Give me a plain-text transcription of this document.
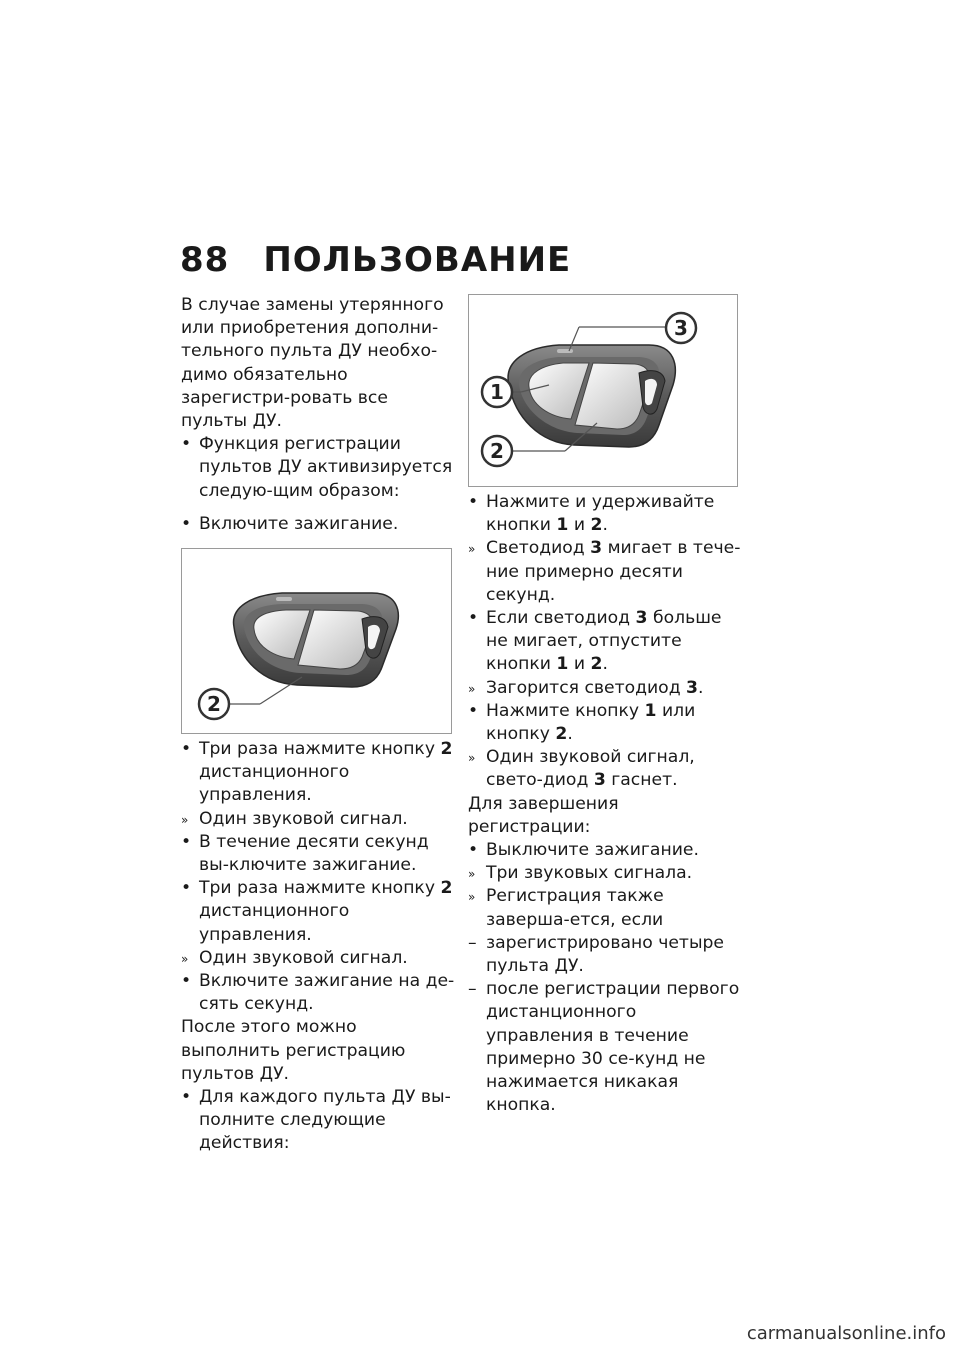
88 ПОЛЬЗОВАНИЕ

В случае замены утерянного или приобретения дополни-тельного пульта ДУ необхо-димо обязательно зарегистри-ровать все пульты ДУ.

• Функция регистрации пультов ДУ активизируется следую-щим образом:
• Включите зажигание.
2
• Три раза нажмите кнопку 2 дистанционного управления.
» Один звуковой сигнал.
• В течение десяти секунд вы-ключите зажигание.
• Три раза нажмите кнопку 2 дистанционного управления.
» Один звуковой сигнал.
• Включите зажигание на де-сять секунд.

После этого можно выполнить регистрацию пультов ДУ.

• Для каждого пульта ДУ вы-полните следующие действия:
3
1
2
• Нажмите и удерживайте кнопки 1 и 2.
» Светодиод 3 мигает в тече-ние примерно десяти секунд.
• Если светодиод 3 больше не мигает, отпустите кнопки 1 и 2.
» Загорится светодиод 3.
• Нажмите кнопку 1 или кнопку 2.
» Один звуковой сигнал, свето-диод 3 гаснет.

Для завершения регистрации:

• Выключите зажигание.
» Три звуковых сигнала.
» Регистрация также заверша-ется, если
– зарегистрировано четыре пульта ДУ.
– после регистрации первого дистанционного управления в течение примерно 30 се-кунд не нажимается никакая кнопка.
carmanualsonline.info
